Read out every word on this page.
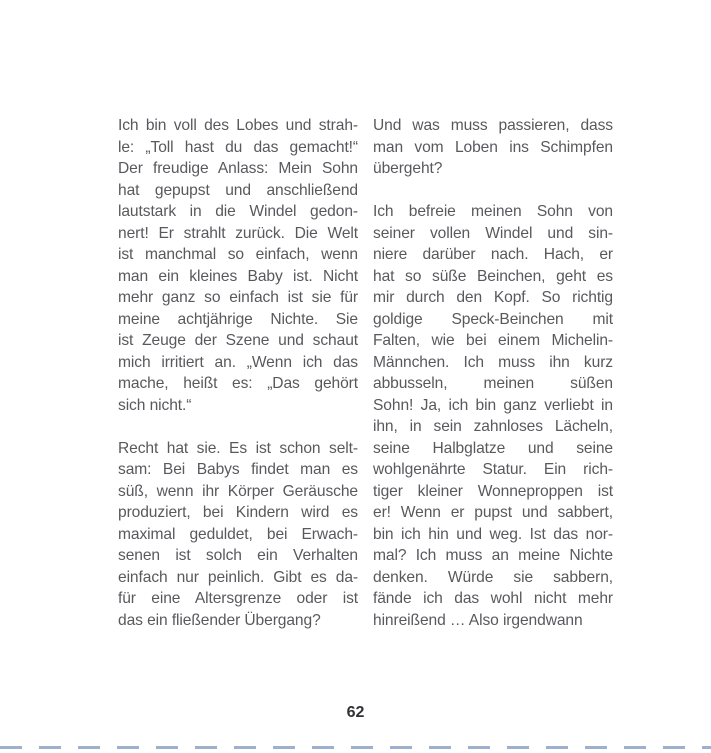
Ich bin voll des Lobes und strah-
le: „Toll hast du das gemacht!“
Der freudige Anlass: Mein Sohn
hat gepupst und anschließend
lautstark in die Windel gedon-
nert! Er strahlt zurück. Die Welt
ist manchmal so einfach, wenn
man ein kleines Baby ist. Nicht
mehr ganz so einfach ist sie für
meine achtjährige Nichte. Sie
ist Zeuge der Szene und schaut
mich irritiert an. „Wenn ich das
mache, heißt es: „Das gehört
sich nicht.“
Recht hat sie. Es ist schon selt-
sam: Bei Babys findet man es
süß, wenn ihr Körper Geräusche
produziert, bei Kindern wird es
maximal geduldet, bei Erwach-
senen ist solch ein Verhalten
einfach nur peinlich. Gibt es da-
für eine Altersgrenze oder ist
das ein fließender Übergang?
Und was muss passieren, dass
man vom Loben ins Schimpfen
übergeht?
Ich befreie meinen Sohn von
seiner vollen Windel und sin-
niere darüber nach. Hach, er
hat so süße Beinchen, geht es
mir durch den Kopf. So richtig
goldige Speck-Beinchen mit
Falten, wie bei einem Michelin-
Männchen. Ich muss ihn kurz
abbusseln, meinen süßen
Sohn! Ja, ich bin ganz verliebt in
ihn, in sein zahnloses Lächeln,
seine Halbglatze und seine
wohlgenährte Statur. Ein rich-
tiger kleiner Wonneproppen ist
er! Wenn er pupst und sabbert,
bin ich hin und weg. Ist das nor-
mal? Ich muss an meine Nichte
denken. Würde sie sabbern,
fände ich das wohl nicht mehr
hinreißend … Also irgendwann
62
